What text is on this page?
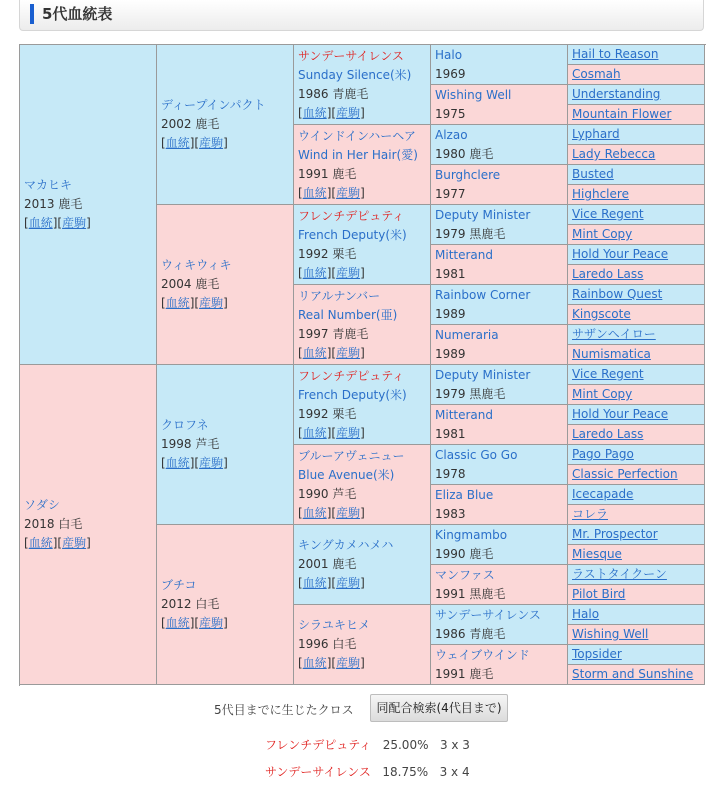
5代血統表
マカヒキ
2013 鹿毛
[血統][産駒]
ソダシ
2018 白毛
[血統][産駒]
ディープインパクト
2002 鹿毛
[血統][産駒]
ウィキウィキ
2004 鹿毛
[血統][産駒]
クロフネ
1998 芦毛
[血統][産駒]
ブチコ
2012 白毛
[血統][産駒]
サンデーサイレンス
Sunday Silence(米)
1986 青鹿毛
[血統][産駒]
ウインドインハーヘア
Wind in Her Hair(愛)
1991 鹿毛
[血統][産駒]
フレンチデピュティ
French Deputy(米)
1992 栗毛
[血統][産駒]
リアルナンバー
Real Number(亜)
1997 青鹿毛
[血統][産駒]
フレンチデピュティ
French Deputy(米)
1992 栗毛
[血統][産駒]
ブルーアヴェニュー
Blue Avenue(米)
1990 芦毛
[血統][産駒]
キングカメハメハ
2001 鹿毛
[血統][産駒]
シラユキヒメ
1996 白毛
[血統][産駒]
Halo
1969
Wishing Well
1975
Alzao
1980 鹿毛
Burghclere
1977
Deputy Minister
1979 黒鹿毛
Mitterand
1981
Rainbow Corner
1989
Numeraria
1989
Deputy Minister
1979 黒鹿毛
Mitterand
1981
Classic Go Go
1978
Eliza Blue
1983
Kingmambo
1990 鹿毛
マンファス
1991 黒鹿毛
サンデーサイレンス
1986 青鹿毛
ウェイブウインド
1991 鹿毛
Hail to Reason
Cosmah
Understanding
Mountain Flower
Lyphard
Lady Rebecca
Busted
Highclere
Vice Regent
Mint Copy
Hold Your Peace
Laredo Lass
Rainbow Quest
Kingscote
サザンヘイロー
Numismatica
Vice Regent
Mint Copy
Hold Your Peace
Laredo Lass
Pago Pago
Classic Perfection
Icecapade
コレラ
Mr. Prospector
Miesque
ラストタイクーン
Pilot Bird
Halo
Wishing Well
Topsider
Storm and Sunshine
5代目までに生じたクロス	同配合検索(4代目まで)
フレンチデピュティ 25.00% 3 x 3
サンデーサイレンス 18.75% 3 x 4
